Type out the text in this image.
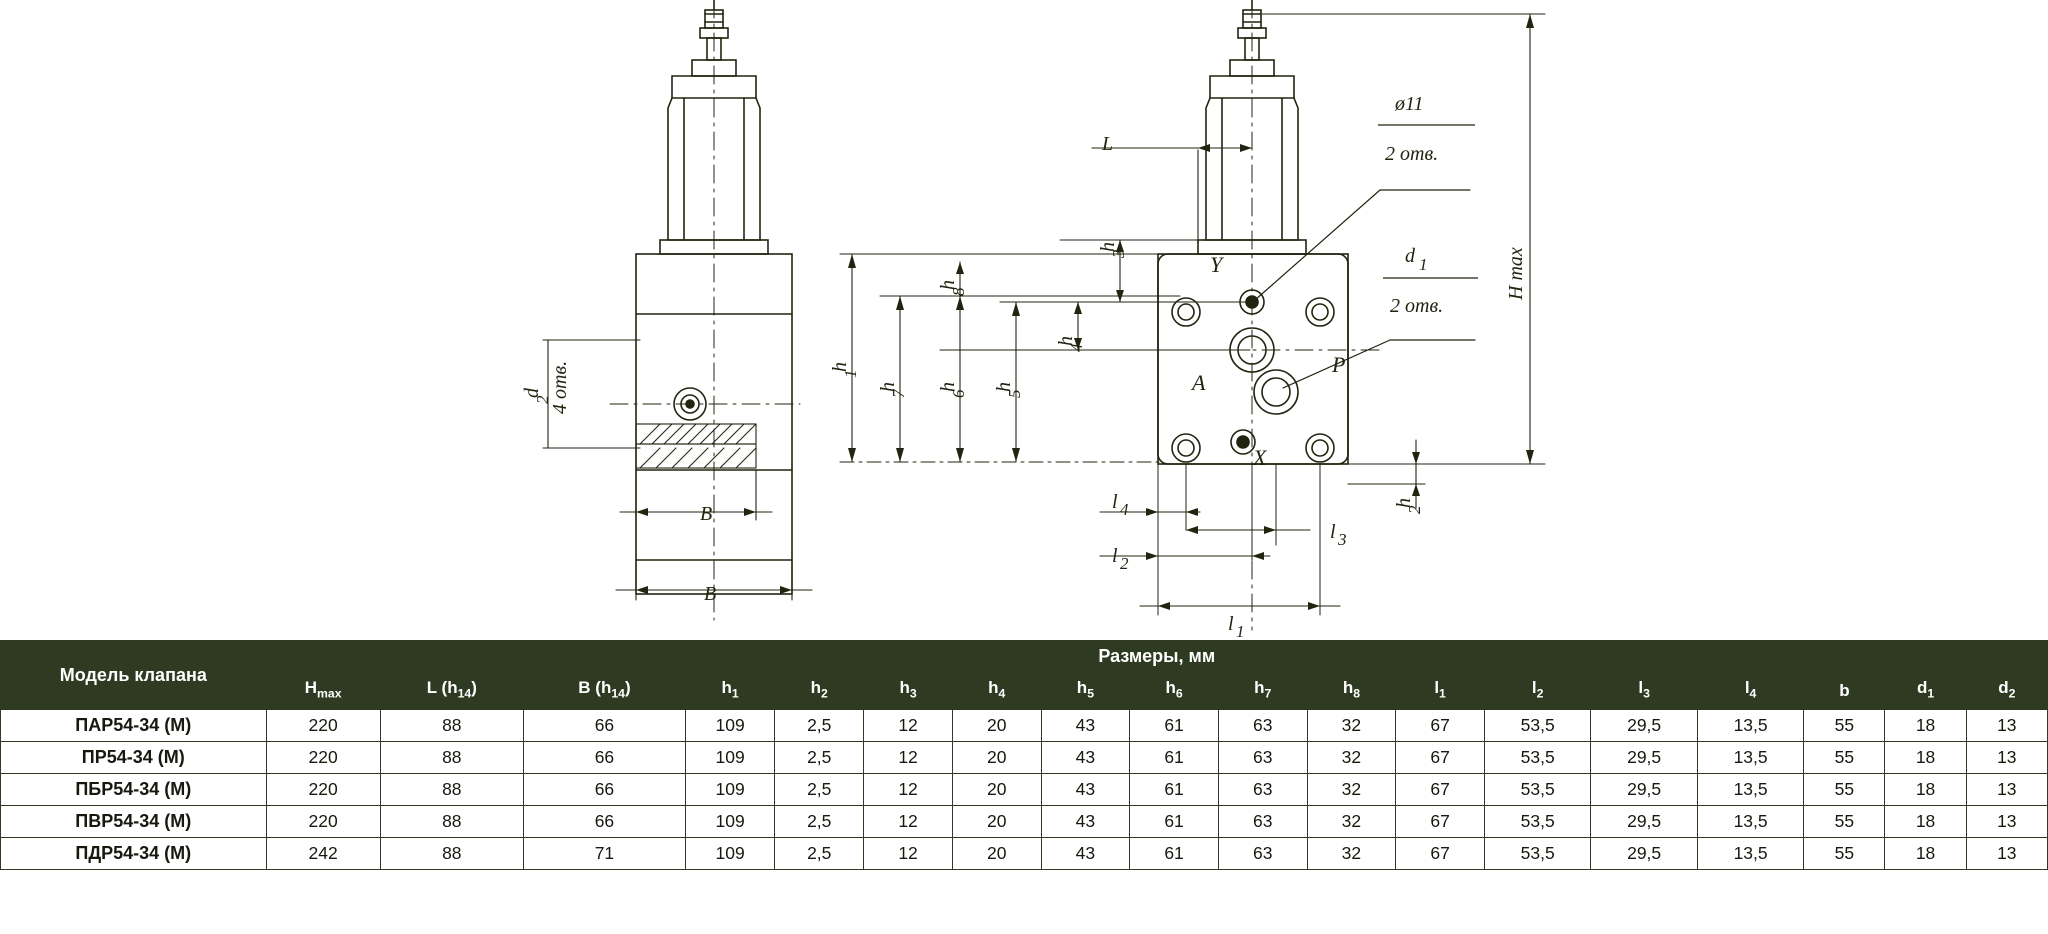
ø11
2 отв.
d 1
2 отв.
H max
A
P
X
Y
L
h
1
h
7
h
6
h
5
h
4
h
3
h
8
h
2
l 4
l 3
l 2
l 1
d
2
4 отв.
B
B
Модель клапана	Размеры, мм																	
	$H_{max}$	L $(h_{14})$	B $(h_{14})$	$h_1$	$h_2$	$h_3$	$h_4$	$h_5$	$h_6$	$h_7$	$h_8$	$l_1$	$l_2$	$l_3$	$l_4$	b	$d_1$	$d_2$
ПАР54-34 (М)	220	88	66	109	2,5	12	20	43	61	63	32	67	53,5	29,5	13,5	55	18	13
ПР54-34 (М)	220	88	66	109	2,5	12	20	43	61	63	32	67	53,5	29,5	13,5	55	18	13
ПБР54-34 (М)	220	88	66	109	2,5	12	20	43	61	63	32	67	53,5	29,5	13,5	55	18	13
ПВР54-34 (М)	220	88	66	109	2,5	12	20	43	61	63	32	67	53,5	29,5	13,5	55	18	13
ПДР54-34 (М)	242	88	71	109	2,5	12	20	43	61	63	32	67	53,5	29,5	13,5	55	18	13
